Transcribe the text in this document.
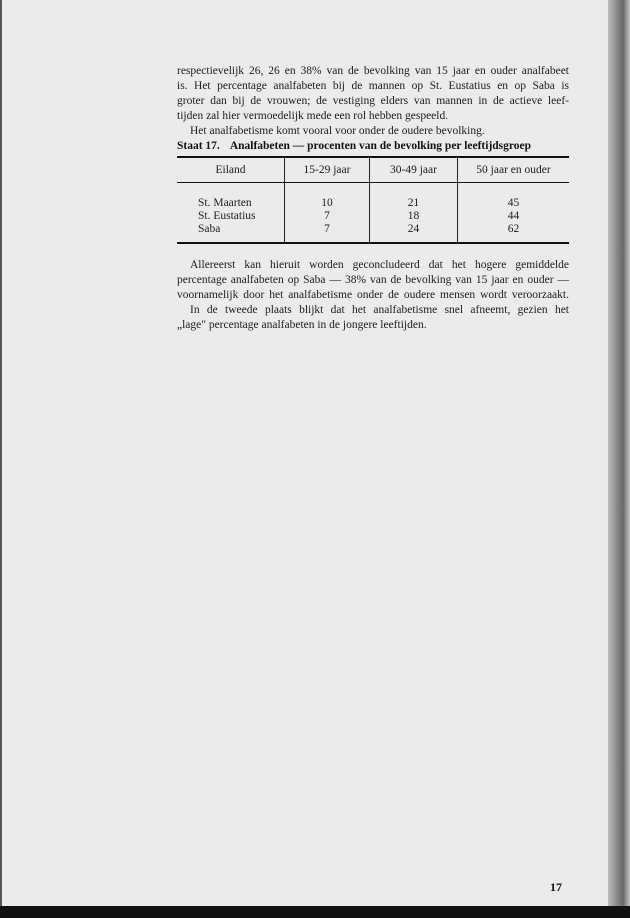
respectievelijk 26, 26 en 38% van de bevolking van 15 jaar en ouder analfabeet
is. Het percentage analfabeten bij de mannen op St. Eustatius en op Saba is
groter dan bij de vrouwen; de vestiging elders van mannen in de actieve leef-
tijden zal hier vermoedelijk mede een rol hebben gespeeld.
Het analfabetisme komt vooral voor onder de oudere bevolking.
Staat 17. Analfabeten — procenten van de bevolking per leeftijdsgroep
Eiland	15-29 jaar	30-49 jaar	50 jaar en ouder
St. Maarten	10	21	45
St. Eustatius	7	18	44
Saba	7	24	62
Allereerst kan hieruit worden geconcludeerd dat het hogere gemiddelde
percentage analfabeten op Saba — 38% van de bevolking van 15 jaar en ouder —
voornamelijk door het analfabetisme onder de oudere mensen wordt veroorzaakt.
In de tweede plaats blijkt dat het analfabetisme snel afneemt, gezien het
„lage" percentage analfabeten in de jongere leeftijden.
17
